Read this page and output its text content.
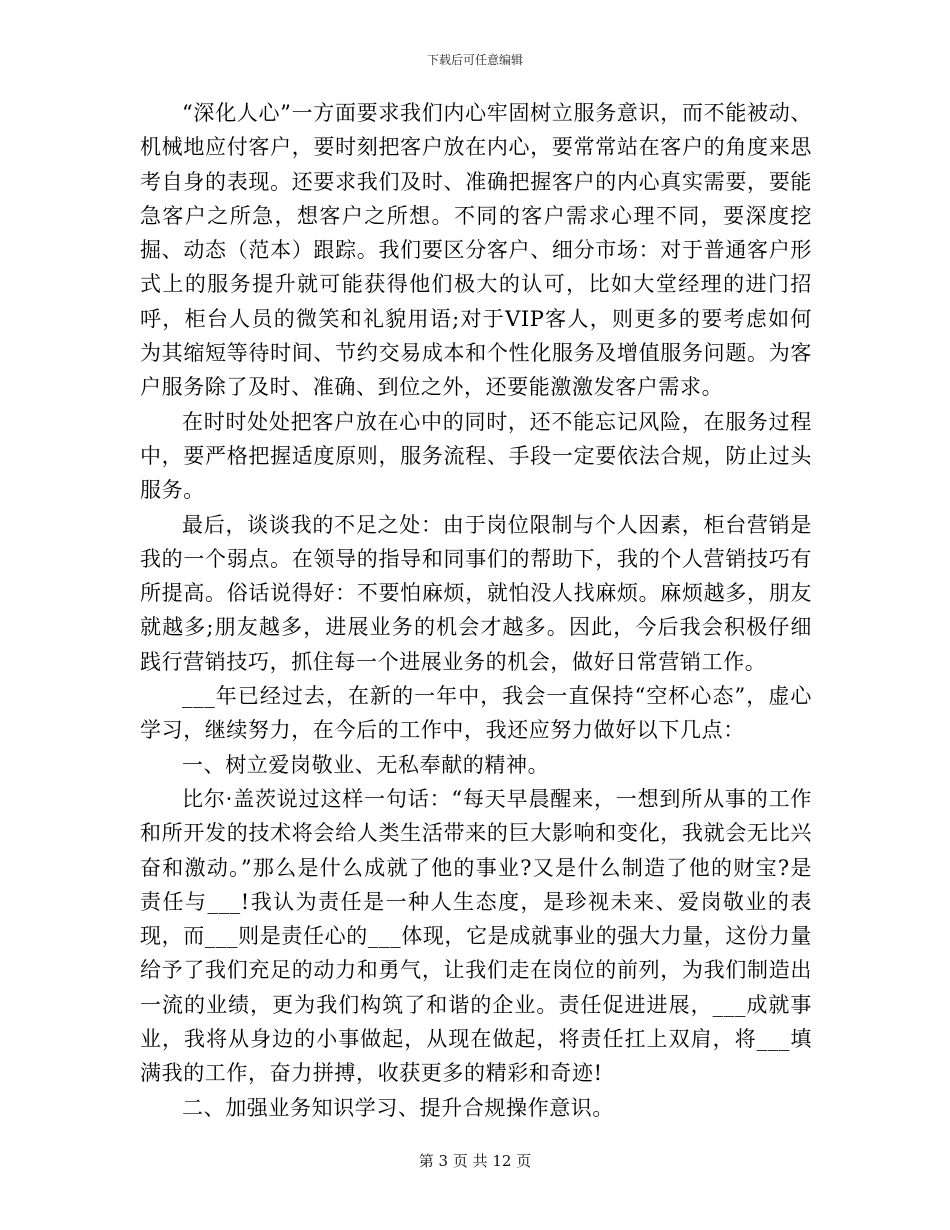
下载后可任意编辑

“深化人心”一方面要求我们内心牢固树立服务意识，而不能被动、机械地应付客户，要时刻把客户放在内心，要常常站在客户的角度来思考自身的表现。还要求我们及时、准确把握客户的内心真实需要，要能急客户之所急，想客户之所想。不同的客户需求心理不同，要深度挖掘、动态（范本）跟踪。我们要区分客户、细分市场：对于普通客户形式上的服务提升就可能获得他们极大的认可，比如大堂经理的进门招呼，柜台人员的微笑和礼貌用语;对于VIP客人，则更多的要考虑如何为其缩短等待时间、节约交易成本和个性化服务及增值服务问题。为客户服务除了及时、准确、到位之外，还要能激激发客户需求。

在时时处处把客户放在心中的同时，还不能忘记风险，在服务过程中，要严格把握适度原则，服务流程、手段一定要依法合规，防止过头服务。

最后，谈谈我的不足之处：由于岗位限制与个人因素，柜台营销是我的一个弱点。在领导的指导和同事们的帮助下，我的个人营销技巧有所提高。俗话说得好：不要怕麻烦，就怕没人找麻烦。麻烦越多，朋友就越多;朋友越多，进展业务的机会才越多。因此，今后我会积极仔细践行营销技巧，抓住每一个进展业务的机会，做好日常营销工作。

___年已经过去，在新的一年中，我会一直保持“空杯心态”，虚心学习，继续努力，在今后的工作中，我还应努力做好以下几点：

一、树立爱岗敬业、无私奉献的精神。

比尔·盖茨说过这样一句话：“每天早晨醒来，一想到所从事的工作和所开发的技术将会给人类生活带来的巨大影响和变化，我就会无比兴奋和激动。”那么是什么成就了他的事业?又是什么制造了他的财宝?是责任与___!我认为责任是一种人生态度，是珍视未来、爱岗敬业的表现，而___则是责任心的___体现，它是成就事业的强大力量，这份力量给予了我们充足的动力和勇气，让我们走在岗位的前列，为我们制造出一流的业绩，更为我们构筑了和谐的企业。责任促进进展，___成就事业，我将从身边的小事做起，从现在做起，将责任扛上双肩，将___填满我的工作，奋力拼搏，收获更多的精彩和奇迹!

二、加强业务知识学习、提升合规操作意识。

第 3 页 共 12 页
